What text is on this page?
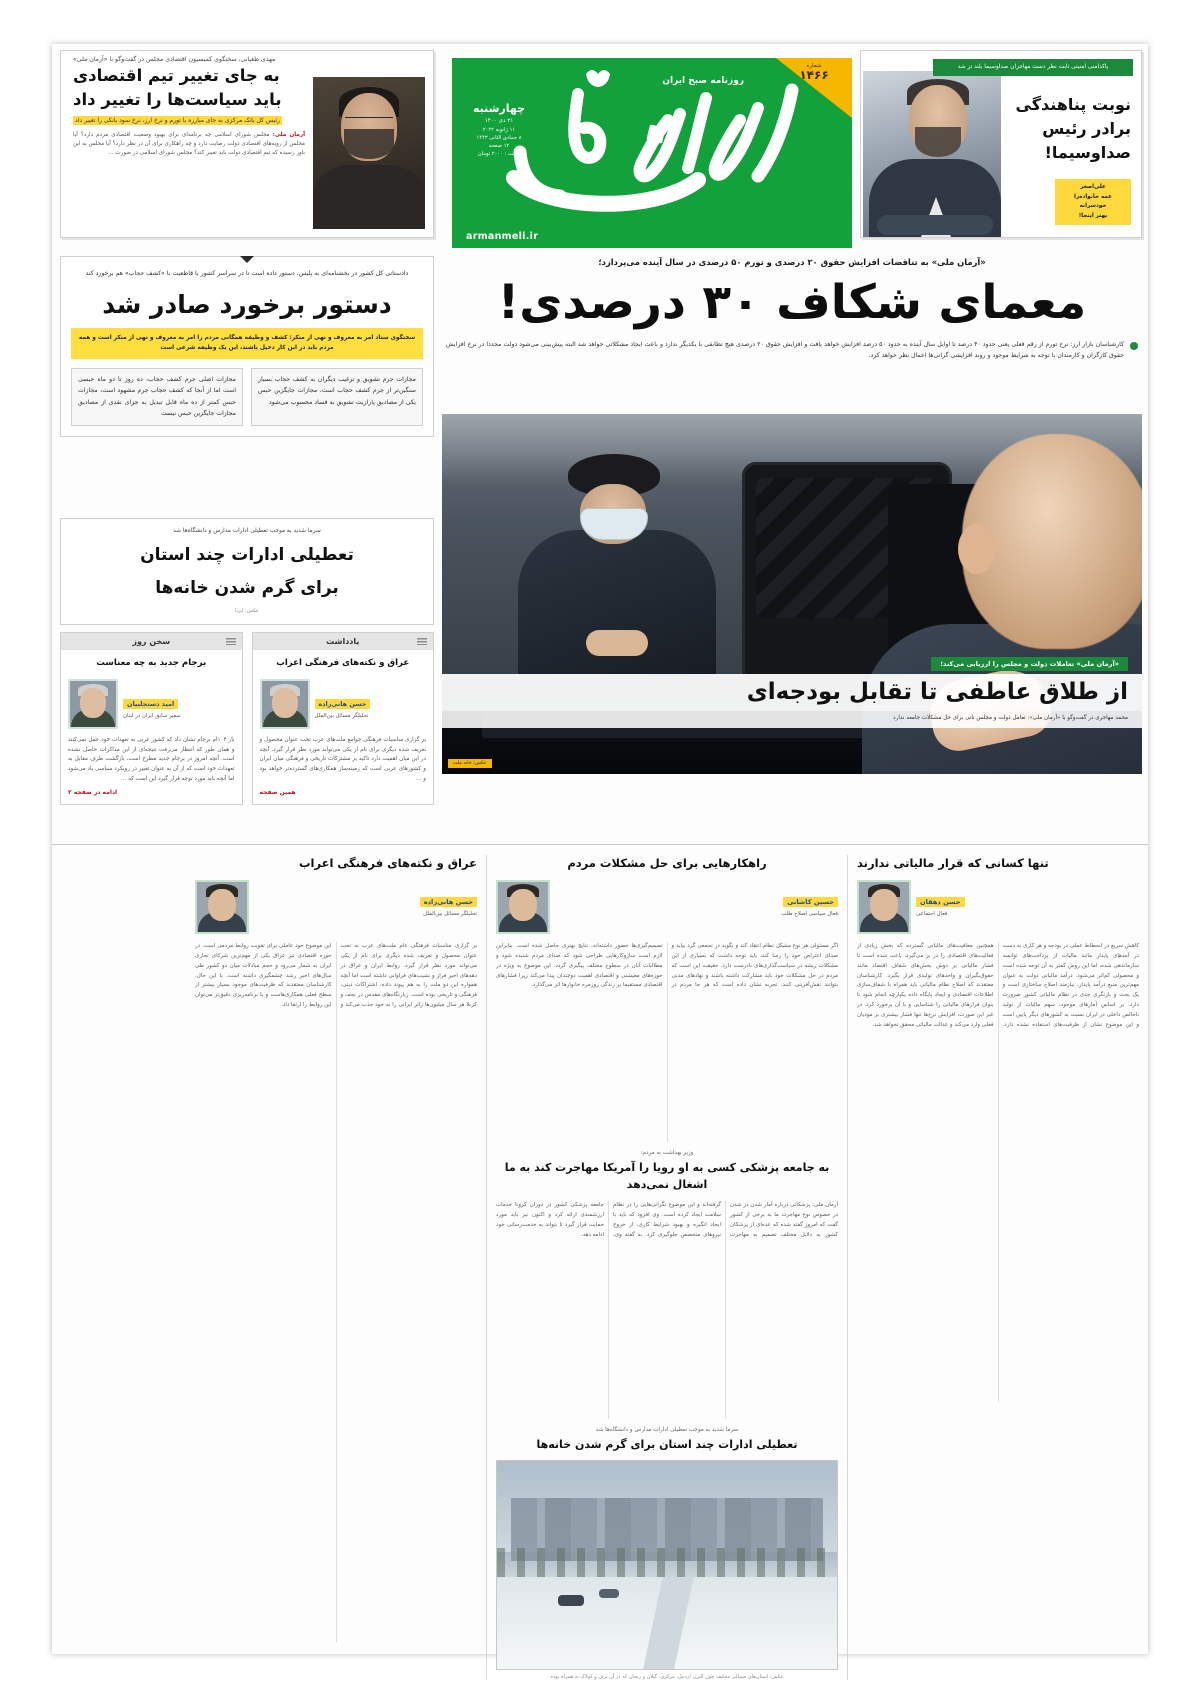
مهدی طغیانی، سخنگوی کمیسیون اقتصادی مجلس در گفت‌وگو با «آرمان ملی»
به جای تغییر تیم اقتصادی
باید سیاست‌ها را تغییر داد
رئیس کل بانک مرکزی به جای مبارزه با تورم و نرخ ارز، نرخ سود بانکی را تغییر داد
آرمان ملی: مجلس شورای اسلامی چه برنامه‌ای برای بهبود وضعیت اقتصادی مردم دارد؟ آیا مجلس از رویه‌های اقتصادی دولت رضایت دارد و چه راهکاری برای آن در نظر دارد؟ آیا مجلس به این باور رسیده که تیم اقتصادی دولت باید تغییر کند؟ مجلس شورای اسلامی در صورت ...
شماره
۱۴۶۶
روزنامه صبح ایران
چهارشنبه
۲۱ دی ۱۴۰۰
۱۱ ژانویه ۲۰۲۲
۸ جمادی الثانی ۱۴۴۳
۱۲ صفحه
قیمت : ۲۰۰۰ تومان
armanmeli.ir
پاکدامنی امنیتی ثابت نظر دست مهاجران صداوسیما بلند تر شد
نوبت پناهندگی
برادر رئیس
صداوسیما!
علی‌اصغر
عمه خانواده‌را
خودسرانه
بهتر اینجا!
«آرمان ملی» به تناقضات افزایش حقوق ۲۰ درصدی و تورم ۵۰ درصدی در سال آینده می‌پردازد؛
معمای شکاف ۳۰ درصدی!
کارشناسان بازار ارز: نرخ تورم از رقم فعلی یعنی حدود ۴۰ درصد تا اوایل سال آینده به حدود ۵۰ درصد افزایش خواهد یافت و افزایش حقوق ۲۰ درصدی هیچ تطابقی با یکدیگر ندارد و باعث ایجاد مشکلاتی خواهد شد البته پیش‌بینی می‌شود دولت مجددا در نرخ افزایش حقوق کارگران و کارمندان با توجه به شرایط موجود و روند افزایشی گرانی‌ها اعمال نظر خواهد کرد.
«آرمان ملی» تعاملات دولت و مجلس را ارزیابی می‌کند؛
از طلاق عاطفی تا تقابل بودجه‌ای
محمد مهاجری در گفت‌وگو با «آرمان ملی»: تعامل دولت و مجلس نانی برای حل مشکلات جامعه ندارد
عکس: خانه ملت
دادستانی کل کشور در بخشنامه‌ای به پلیس، دستور داده است تا در سراسر کشور با قاطعیت با «کشف حجاب» هم برخورد کند
دستور برخورد صادر شد
سخنگوی ستاد امر به معروف و نهی از منکر: کشف و وظیفه همگانی مردم را امر به معروف و نهی از منکر است و همه مردم باید در این کار دخیل باشند، این یک وظیفه شرعی است
مجازات جرم تشویق و ترغیب دیگران به کشف حجاب بسیار سنگین‌تر از جرم کشف حجاب است، مجازات جایگزین حبس یکی از مصادیق پارازیت تشویق به فساد محسوب می‌شود
مجازات اصلی جرم کشف حجاب، ده روز تا دو ماه حبسی است اما از آنجا که کشف حجاب جرم مشهود است، مجازات حبس کمتر از ده ماه قابل تبدیل به جزای نقدی از مصادیق مجازات جایگزین حبس نیست
سرما شدید به موجب تعطیلی ادارات مدارس و دانشگاه‌ها شد
تعطیلی ادارات چند استان
برای گرم شدن خانه‌ها
عکس: ایرنا
یادداشت
عراق و نکته‌های فرهنگی اعراب
حسن هانی‌زاده
تحلیلگر مسائل بین‌الملل
بر گزاری مناسبات فرهنگی جوامع ملت‌های عرب تحت عنوان محصول و تعریف شده دیگری برای نام از یکی می‌تواند مورد نظر قرار گیرد. آنچه در این میان اهمیت دارد تاکید بر مشترکات تاریخی و فرهنگی میان ایران و کشورهای عربی است که زمینه‌ساز همکاری‌های گسترده‌تر خواهد بود و ...
همین صفحه
سخن روز
برجام جدید به چه معناست
امید دستجلبیان
سفیر سابق ایران در لبنان
بار ۱۰۴ام برجام نشان داد که کشور غربی به تعهدات خود عمل نمی‌کنند و همان طور که انتظار می‌رفت نتیجه‌ای از این مذاکرات حاصل نشده است. آنچه امروز در برجام جدید مطرح است، بازگشت طرف مقابل به تعهدات خود است که از آن به عنوان تغییر در رویکرد سیاسی یاد می‌شود اما آنچه باید مورد توجه قرار گیرد این است که ...
ادامه در صفحه ۲
تنها کسانی که قرار مالیاتی ندارند
حسن دهقان
فعال اجتماعی
کاهش سریع در انحطاط عملی در بودجه و هر کاری به دست در آمدهای پایدار مانند مالیات از پرداخت‌های توانمند سازماندهی شده، اما این روش کمتر به آن توجه شده است و محصولی کم‌اثر می‌شود. درآمد مالیاتی دولت به عنوان مهم‌ترین منبع درآمد پایدار، نیازمند اصلاح ساختاری است و یک بحث و بازنگری جدی در نظام مالیاتی کشور ضرورت دارد. بر اساس آمارهای موجود، سهم مالیات از تولید ناخالص داخلی در ایران نسبت به کشورهای دیگر پایین است و این موضوع نشان از ظرفیت‌های استفاده نشده دارد. همچنین معافیت‌های مالیاتی گسترده که بخش زیادی از فعالیت‌های اقتصادی را در بر می‌گیرد، باعث شده است تا فشار مالیاتی بر دوش بخش‌های شفاف اقتصاد مانند حقوق‌بگیران و واحدهای تولیدی قرار بگیرد. کارشناسان معتقدند که اصلاح نظام مالیاتی باید همراه با شفاف‌سازی اطلاعات اقتصادی و ایجاد پایگاه داده یکپارچه انجام شود تا بتوان فرارهای مالیاتی را شناسایی و با آن برخورد کرد. در غیر این صورت، افزایش نرخ‌ها تنها فشار بیشتری بر مودیان فعلی وارد می‌کند و عدالت مالیاتی محقق نخواهد شد.
راهکارهایی برای حل مشکلات مردم
حسین کاشانی
فعال سیاسی اصلاح طلب
اگر مسئولی هر نوع مشکل نظام انتقاد کند و بگوید در تجمعی گرد بیاید و صدای اعتراض خود را رسا کند، باید توجه داشت که بسیاری از این مشکلات ریشه در سیاست‌گذاری‌های نادرست دارد. حقیقت این است که مردم در حل مشکلات خود باید مشارکت داشته باشند و نهادهای مدنی بتوانند نقش‌آفرینی کنند. تجربه نشان داده است که هر جا مردم در تصمیم‌گیری‌ها حضور داشته‌اند، نتایج بهتری حاصل شده است. بنابراین لازم است سازوکارهایی طراحی شود که صدای مردم شنیده شود و مطالبات آنان در سطوح مختلف پیگیری گردد. این موضوع به ویژه در حوزه‌های معیشتی و اقتصادی اهمیت دوچندان پیدا می‌کند زیرا فشارهای اقتصادی مستقیما بر زندگی روزمره خانوارها اثر می‌گذارد.
وزیر بهداشت به مردم:
به جامعه پزشکی کسی به او رویا را آمریکا مهاجرت کند به ما اشغال نمی‌دهد
آرمان ملی: پزشکانی درباره آمار شدن در شدن در خصوص نوع مهاجرت ما به برخی از کشور گفت که امروز گفته شده که عده‌ای از پزشکان کشور به دلایل مختلف تصمیم به مهاجرت گرفته‌اند و این موضوع نگرانی‌هایی را در نظام سلامت ایجاد کرده است. وی افزود که باید با ایجاد انگیزه و بهبود شرایط کاری، از خروج نیروهای متخصص جلوگیری کرد. به گفته وی، جامعه پزشکی کشور در دوران کرونا خدمات ارزشمندی ارائه کرد و اکنون نیز باید مورد حمایت قرار گیرد تا بتواند به خدمت‌رسانی خود ادامه دهد.
سرما شدید به موجب تعطیلی ادارات مدارس و دانشگاه‌ها شد
تعطیلی ادارات چند استان برای گرم شدن خانه‌ها
عکس: استان‌های شمالی مختلف چون البرز، اردبیل، مرکزی، گیلان و زنجان که در آن برف و کولاک به همراه بوده
عراق و نکته‌های فرهنگی اعراب
حسن هانی‌زاده
تحلیلگر مسائل بین‌الملل
بر گزاری مناسبات فرهنگی عام ملت‌های عرب نه تحت عنوان محصول و تعریف شده دیگری برای نام از یکی می‌تواند مورد نظر قرار گیرد. روابط ایران و عراق در دهه‌های اخیر فراز و نشیب‌های فراوانی داشته است اما آنچه همواره این دو ملت را به هم پیوند داده، اشتراکات دینی، فرهنگی و تاریخی بوده است. زیارتگاه‌های مقدس در نجف و کربلا هر سال میلیون‌ها زائر ایرانی را به خود جذب می‌کند و این موضوع خود عاملی برای تقویت روابط مردمی است. در حوزه اقتصادی نیز عراق یکی از مهم‌ترین شرکای تجاری ایران به شمار می‌رود و حجم مبادلات میان دو کشور طی سال‌های اخیر رشد چشمگیری داشته است. با این حال، کارشناسان معتقدند که ظرفیت‌های موجود بسیار بیشتر از سطح فعلی همکاری‌هاست و با برنامه‌ریزی دقیق‌تر می‌توان این روابط را ارتقا داد.
